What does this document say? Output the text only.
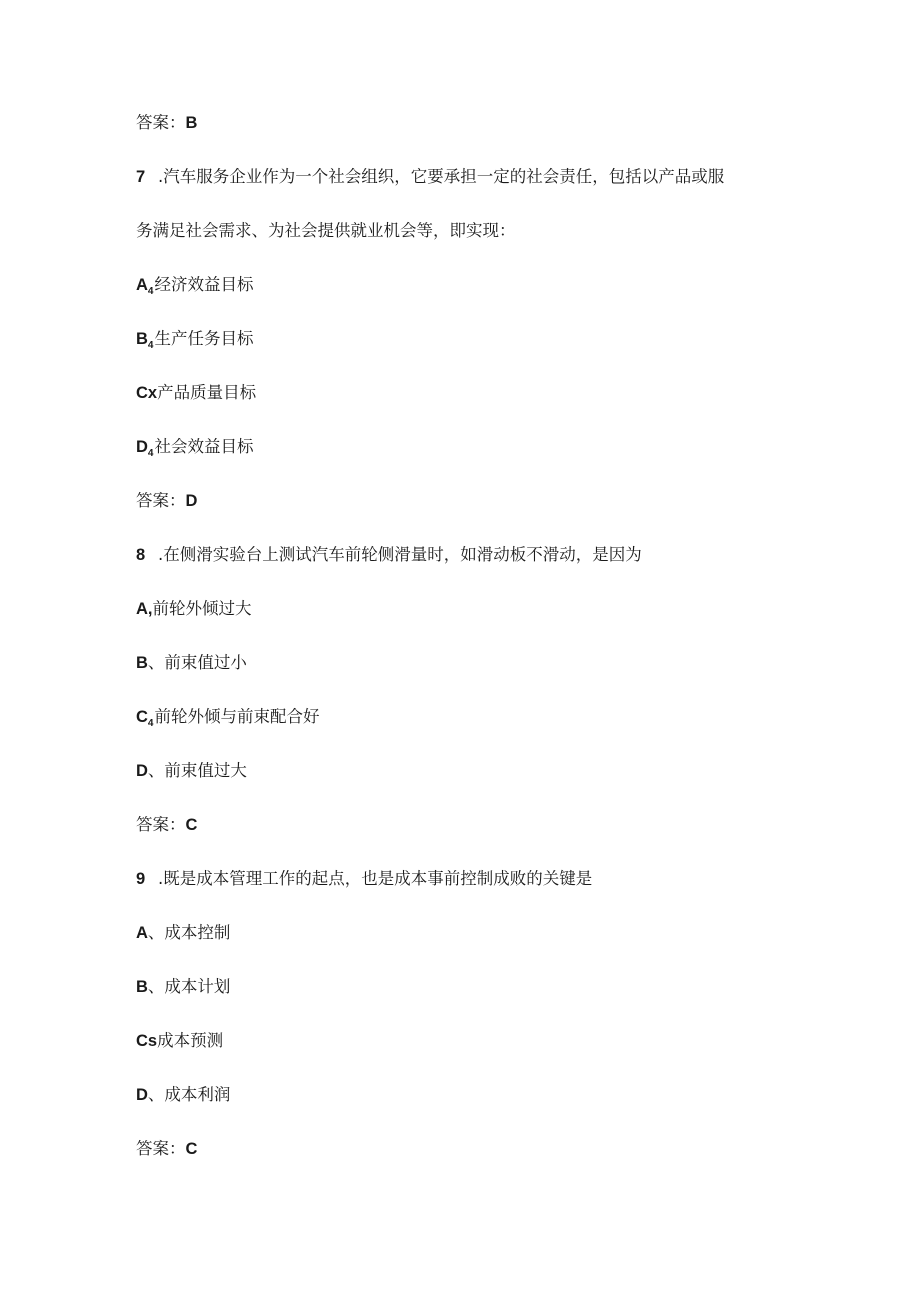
答案：B
7 .汽车服务企业作为一个社会组织，它要承担一定的社会责任，包括以产品或服
务满足社会需求、为社会提供就业机会等，即实现：
$A_4$经济效益目标
$B_4$生产任务目标
Cx产品质量目标
$D_4$社会效益目标
答案：D
8 .在侧滑实验台上测试汽车前轮侧滑量时，如滑动板不滑动，是因为
A,前轮外倾过大
B、前束值过小
$C_4$前轮外倾与前束配合好
D、前束值过大
答案：C
9 .既是成本管理工作的起点，也是成本事前控制成败的关键是
A、成本控制
B、成本计划
Cs成本预测
D、成本利润
答案：C
